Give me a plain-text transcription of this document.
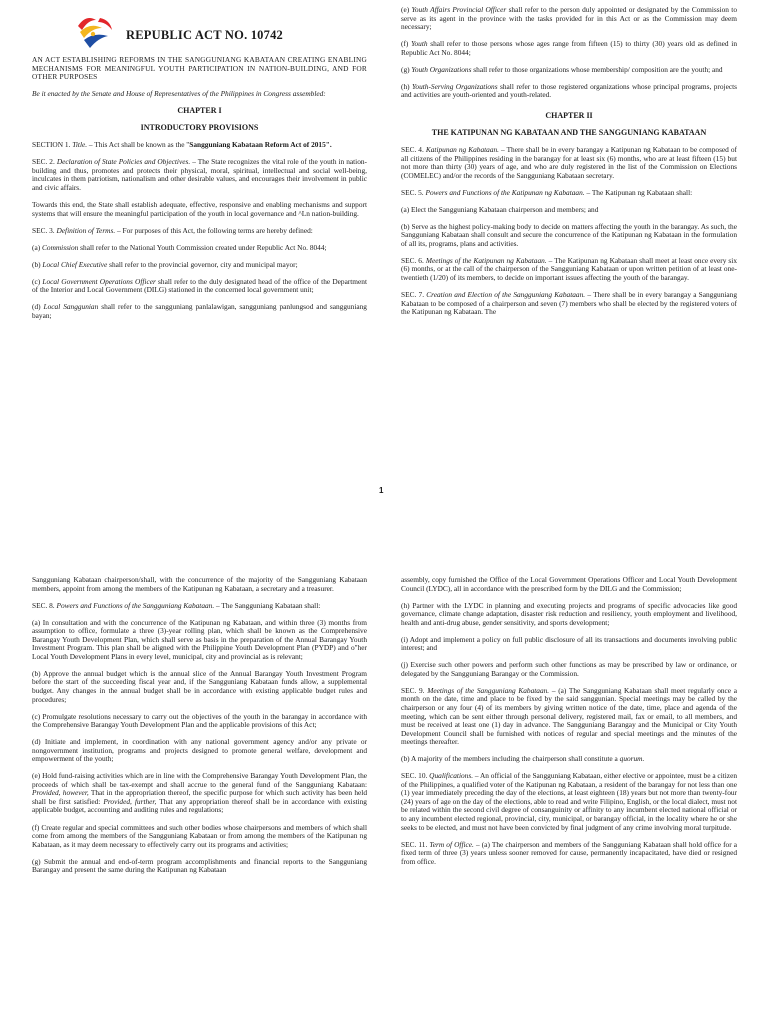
REPUBLIC ACT NO. 10742

AN ACT ESTABLISHING REFORMS IN THE SANGGUNIANG KABATAAN CREATING ENABLING MECHANISMS FOR MEANINGFUL YOUTH PARTICIPATION IN NATION-BUILDING, AND FOR OTHER PURPOSES

Be it enacted by the Senate and House of Representatives of the Philippines in Congress assembled:

CHAPTER I

INTRODUCTORY PROVISIONS

SECTION 1. Title. – This Act shall be known as the "Sangguniang Kabataan Reform Act of 2015".

SEC. 2. Declaration of State Policies and Objectives. – The State recognizes the vital role of the youth in nation-building and thus, promotes and protects their physical, moral, spiritual, intellectual and social well-being, inculcates in them patriotism, nationalism and other desirable values, and encourages their involvement in public and civic affairs.

Towards this end, the State shall establish adequate, effective, responsive and enabling mechanisms and support systems that will ensure the meaningful participation of the youth in local governance and ^Ln nation-building.

SEC. 3. Definition of Terms. – For purposes of this Act, the following terms are hereby defined:

(a) Commission shall refer to the National Youth Commission created under Republic Act No. 8044;

(b) Local Chief Executive shall refer to the provincial governor, city and municipal mayor;

(c) Local Government Operations Officer shall refer to the duly designated head of the office of the Department of the Interior and Local Government (DILG) stationed in the concerned local government unit;

(d) Local Sanggunian shall refer to the sangguniang panlalawigan, sangguniang panlungsod and sangguniang bayan;

(e) Youth Affairs Provincial Officer shall refer to the person duly appointed or designated by the Commission to serve as its agent in the province with the tasks provided for in this Act or as the Commission may deem necessary;

(f) Youth shall refer to those persons whose ages range from fifteen (15) to thirty (30) years old as defined in Republic Act No. 8044;

(g) Youth Organizations shall refer to those organizations whose membership/ composition are the youth; and

(h) Youth-Serving Organizations shall refer to those registered organizations whose principal programs, projects and activities are youth-oriented and youth-related.

CHAPTER II

THE KATIPUNAN NG KABATAAN AND THE SANGGUNIANG KABATAAN

SEC. 4. Katipunan ng Kabataan. – There shall be in every barangay a Katipunan ng Kabataan to be composed of all citizens of the Philippines residing in the barangay for at least six (6) months, who are at least fifteen (15) but not more than thirty (30) years of age, and who are duly registered in the list of the Commission on Elections (COMELEC) and/or the records of the Sangguniang Kabataan secretary.

SEC. 5. Powers and Functions of the Katipunan ng Kabataan. – The Katipunan ng Kabataan shall:

(a) Elect the Sangguniang Kabataan chairperson and members; and

(b) Serve as the highest policy-making body to decide on matters affecting the youth in the barangay. As such, the Sangguniang Kabataan shall consult and secure the concurrence of the Katipunan ng Kabataan in the formulation of all its, programs, plans and activities.

SEC. 6. Meetings of the Katipunan ng Kabataan. – The Katipunan ng Kabataan shall meet at least once every six (6) months, or at the call of the chairperson of the Sangguniang Kabataan or upon written petition of at least one-twentieth (1/20) of its members, to decide on important issues affecting the youth of the barangay.

SEC. 7. Creation and Election of the Sangguniang Kabataan. – There shall be in every barangay a Sangguniang Kabataan to be composed of a chairperson and seven (7) members who shall be elected by the registered voters of the Katipunan ng Kabataan. The

1

Sangguniang Kabataan chairperson/shall, with the concurrence of the majority of the Sangguniang Kabataan members, appoint from among the members of the Katipunan ng Kabataan, a secretary and a treasurer.

SEC. 8. Powers and Functions of the Sangguniang Kabataan. – The Sangguniang Kabataan shall:

(a) In consultation and with the concurrence of the Katipunan ng Kabataan, and within three (3) months from assumption to office, formulate a three (3)-year rolling plan, which shall be known as the Comprehensive Barangay Youth Development Plan, which shall serve as basis in the preparation of the Annual Barangay Youth Investment Program. This plan shall be aligned with the Philippine Youth Development Plan (PYDP) and o"her Local Youth Development Plans in every level, municipal, city and provincial as is relevant;

(b) Approve the annual budget which is the annual slice of the Annual Barangay Youth Investment Program before the start of the succeeding fiscal year and, if the Sangguniang Kabataan funds allow, a supplemental budget. Any changes in the annual budget shall be in accordance with existing applicable budget rules and procedures;

(c) Promulgate resolutions necessary to carry out the objectives of the youth in the barangay in accordance with the Comprehensive Barangay Youth Development Plan and the applicable provisions of this Act;

(d) Initiate and implement, in coordination with any national government agency and/or any private or nongovernment institution, programs and projects designed to promote general welfare, development and empowerment of the youth;

(e) Hold fund-raising activities which are in line with the Comprehensive Barangay Youth Development Plan, the proceeds of which shall be tax-exempt and shall accrue to the general fund of the Sangguniang Kabataan: Provided, however, That in the appropriation thereof, the specific purpose for which such activity has been held shall be first satisfied: Provided, further, That any appropriation thereof shall be in accordance with existing applicable budget, accounting and auditing rules and regulations;

(f) Create regular and special committees and such other bodies whose chairpersons and members of which shall come from among the members of the Sangguniang Kabataan or from among the members of the Katipunan ng Kabataan, as it may deem necessary to effectively carry out its programs and activities;

(g) Submit the annual and end-of-term program accomplishments and financial reports to the Sangguniang Barangay and present the same during the Katipunan ng Kabataan

assembly, copy furnished the Office of the Local Government Operations Officer and Local Youth Development Council (LYDC), all in accordance with the prescribed form by the DILG and the Commission;

(h) Partner with the LYDC in planning and executing projects and programs of specific advocacies like good governance, climate change adaptation, disaster risk reduction and resiliency, youth employment and livelihood, health and anti-drug abuse, gender sensitivity, and sports development;

(i) Adopt and implement a policy on full public disclosure of all its transactions and documents involving public interest; and

(j) Exercise such other powers and perform such other functions as may be prescribed by law or ordinance, or delegated by the Sangguniang Barangay or the Commission.

SEC. 9. Meetings of the Sangguniang Kabataan. – (a) The Sangguniang Kabataan shall meet regularly once a month on the date, time and place to be fixed by the said sanggunian. Special meetings may be called by the chairperson or any four (4) of its members by giving written notice of the date, time, place and agenda of the meeting, which can be sent either through personal delivery, registered mail, fax or email, to all members, and must be received at least one (1) day in advance. The Sangguniang Barangay and the Municipal or City Youth Development Council shall be furnished with notices of regular and special meetings and the minutes of the meetings thereafter.

(b) A majority of the members including the chairperson shall constitute a quorum.

SEC. 10. Qualifications. – An official of the Sangguniang Kabataan, either elective or appointee, must be a citizen of the Philippines, a qualified voter of the Katipunan ng Kabataan, a resident of the barangay for not less than one (1) year immediately preceding the day of the elections, at least eighteen (18) years but not more than twenty-four (24) years of age on the day of the elections, able to read and write Filipino, English, or the local dialect, must not be related within the second civil degree of consanguinity or affinity to any incumbent elected national official or to any incumbent elected regional, provincial, city, municipal, or barangay official, in the locality where he or she seeks to be elected, and must not have been convicted by final judgment of any crime involving moral turpitude.

SEC. 11. Term of Office. – (a) The chairperson and members of the Sangguniang Kabataan shall hold office for a fixed term of three (3) years unless sooner removed for cause, permanently incapacitated, have died or resigned from office.
